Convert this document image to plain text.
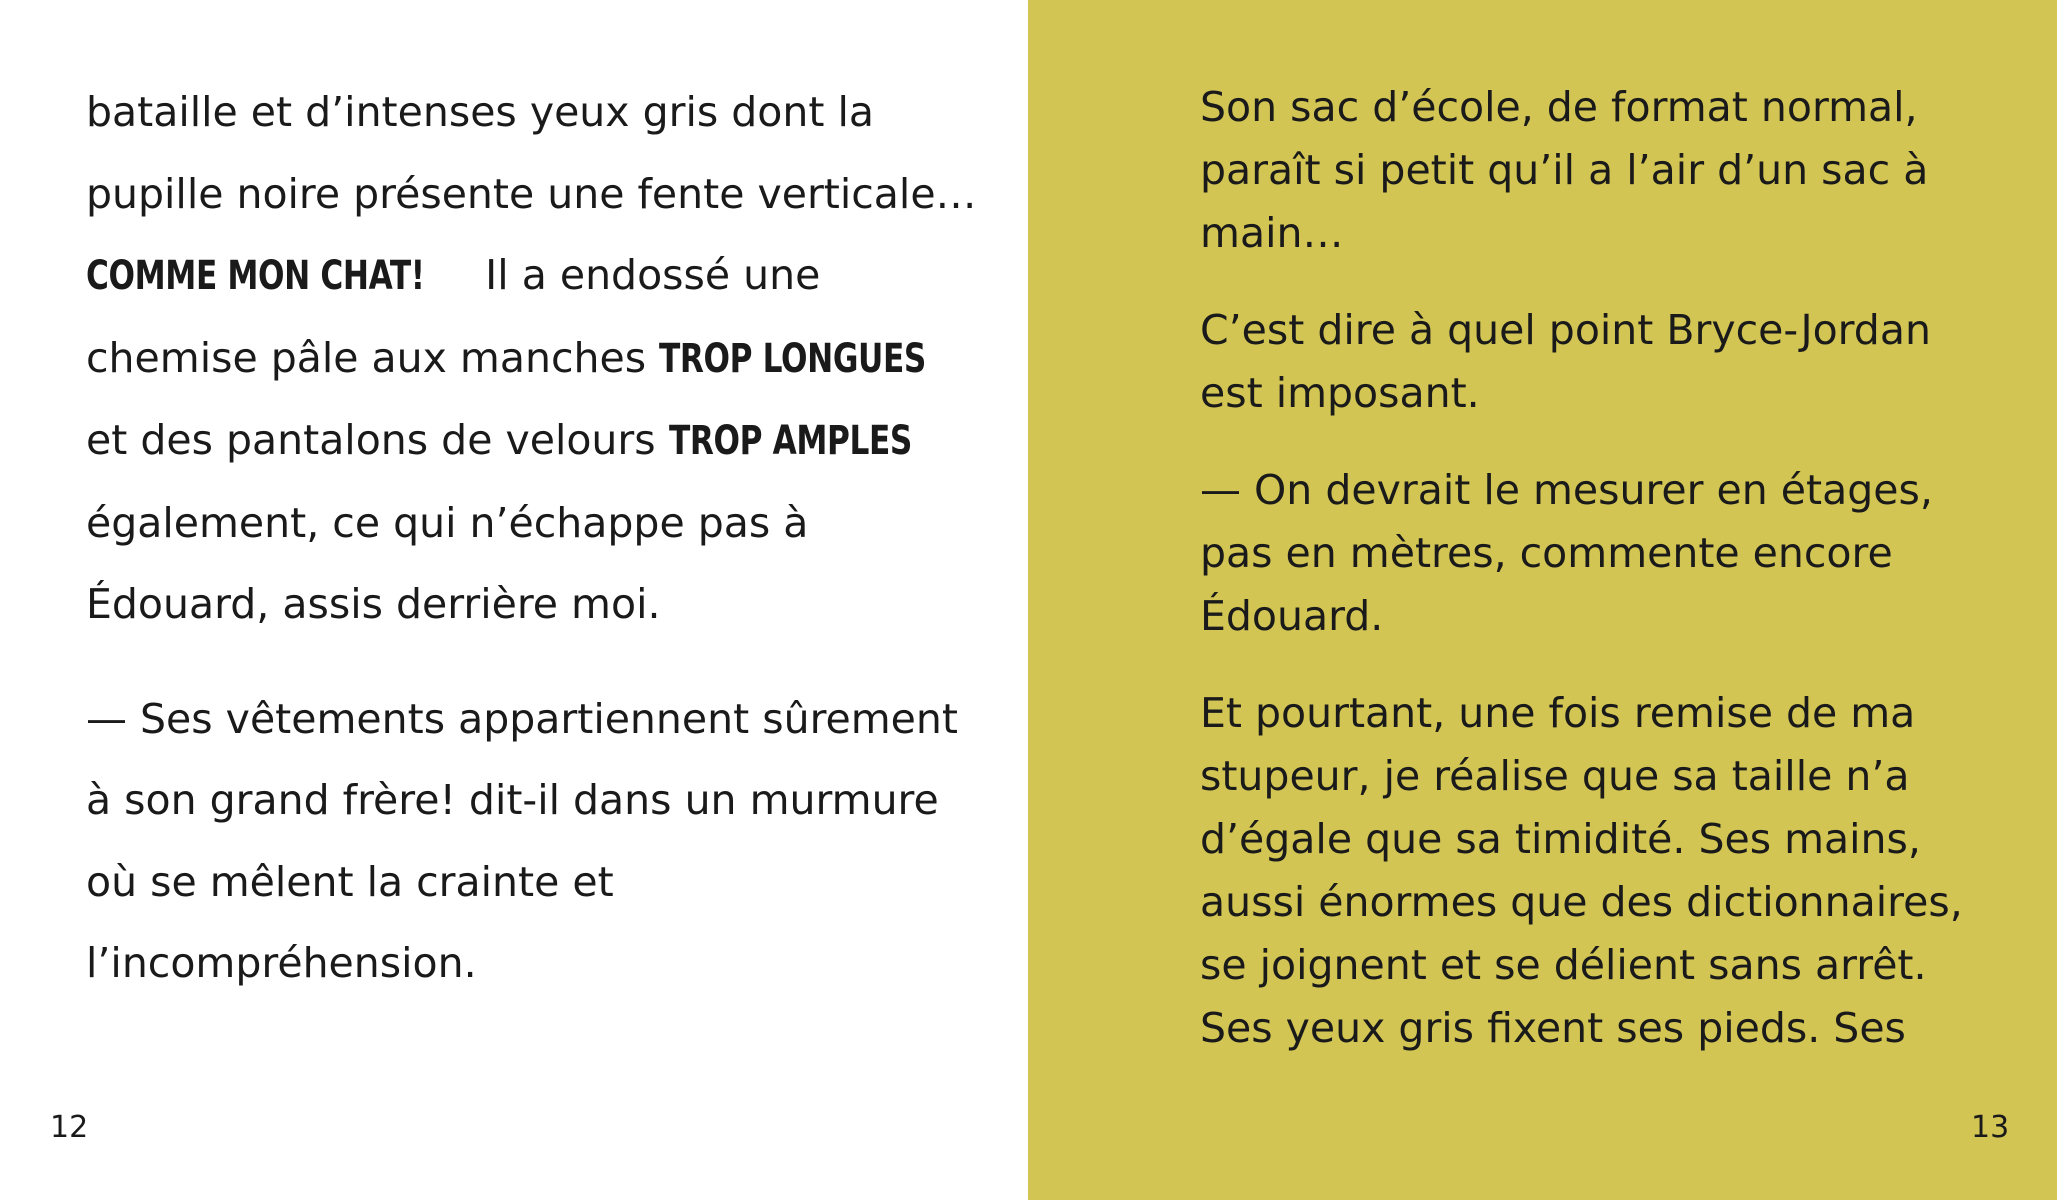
bataille et d’intenses yeux gris dont la pupille noire présente une fente verticale… COMME MON CHAT! Il a endossé une chemise pâle aux manches TROP LONGUES et des pantalons de velours TROP AMPLES également, ce qui n’échappe pas à Édouard, assis derrière moi.

— Ses vêtements appartiennent sûrement à son grand frère! dit-il dans un murmure où se mêlent la crainte et l’incompréhension.

12

Son sac d’école, de format normal, paraît si petit qu’il a l’air d’un sac à main…

C’est dire à quel point Bryce-Jordan est imposant.

— On devrait le mesurer en étages, pas en mètres, commente encore Édouard.

Et pourtant, une fois remise de ma stupeur, je réalise que sa taille n’a d’égale que sa timidité. Ses mains, aussi énormes que des dictionnaires, se joignent et se délient sans arrêt. Ses yeux gris fixent ses pieds. Ses

13
